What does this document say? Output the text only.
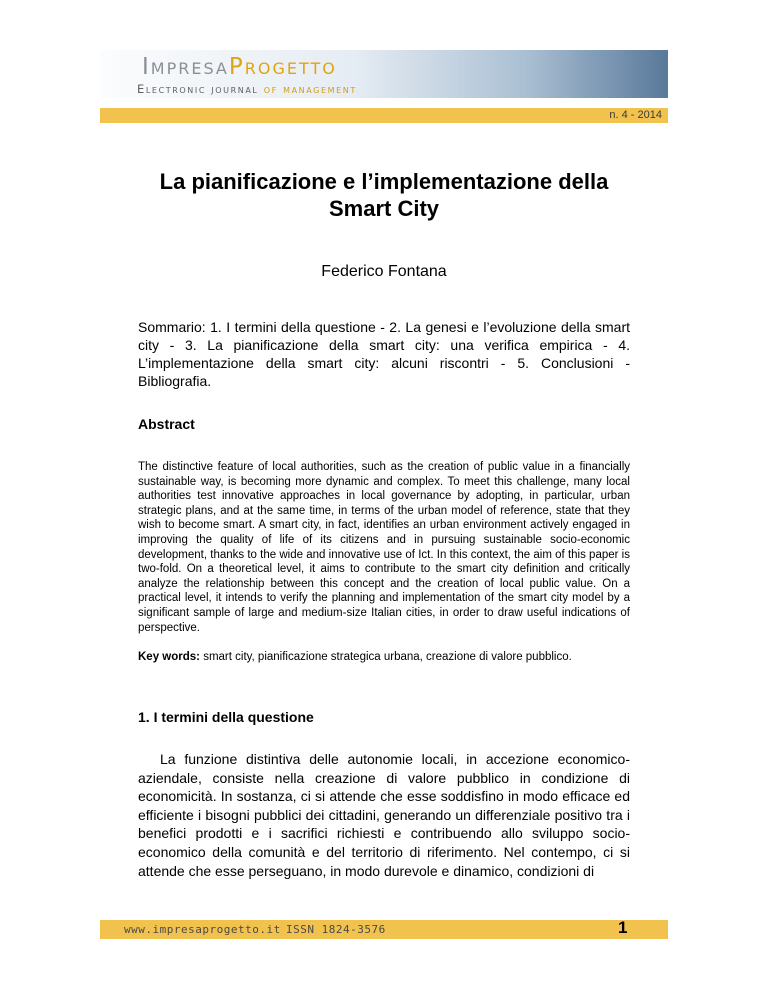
ImpresaProgetto
Electronic journal of management
n. 4 - 2014
La pianificazione e l’implementazione della
Smart City
Federico Fontana
Sommario: 1. I termini della questione - 2. La genesi e l’evoluzione della smart city - 3. La pianificazione della smart city: una verifica empirica - 4. L’implementazione della smart city: alcuni riscontri - 5. Conclusioni - Bibliografia.
Abstract
The distinctive feature of local authorities, such as the creation of public value in a financially sustainable way, is becoming more dynamic and complex. To meet this challenge, many local authorities test innovative approaches in local governance by adopting, in particular, urban strategic plans, and at the same time, in terms of the urban model of reference, state that they wish to become smart. A smart city, in fact, identifies an urban environment actively engaged in improving the quality of life of its citizens and in pursuing sustainable socio-economic development, thanks to the wide and innovative use of Ict. In this context, the aim of this paper is two-fold. On a theoretical level, it aims to contribute to the smart city definition and critically analyze the relationship between this concept and the creation of local public value. On a practical level, it intends to verify the planning and implementation of the smart city model by a significant sample of large and medium-size Italian cities, in order to draw useful indications of perspective.
Key words: smart city, pianificazione strategica urbana, creazione di valore pubblico.
1. I termini della questione
La funzione distintiva delle autonomie locali, in accezione economico-aziendale, consiste nella creazione di valore pubblico in condizione di economicità. In sostanza, ci si attende che esse soddisfino in modo efficace ed efficiente i bisogni pubblici dei cittadini, generando un differenziale positivo tra i benefici prodotti e i sacrifici richiesti e contribuendo allo sviluppo socio-economico della comunità e del territorio di riferimento. Nel contempo, ci si attende che esse perseguano, in modo durevole e dinamico, condizioni di
www.impresaprogetto.it ISSN 1824-3576	1
